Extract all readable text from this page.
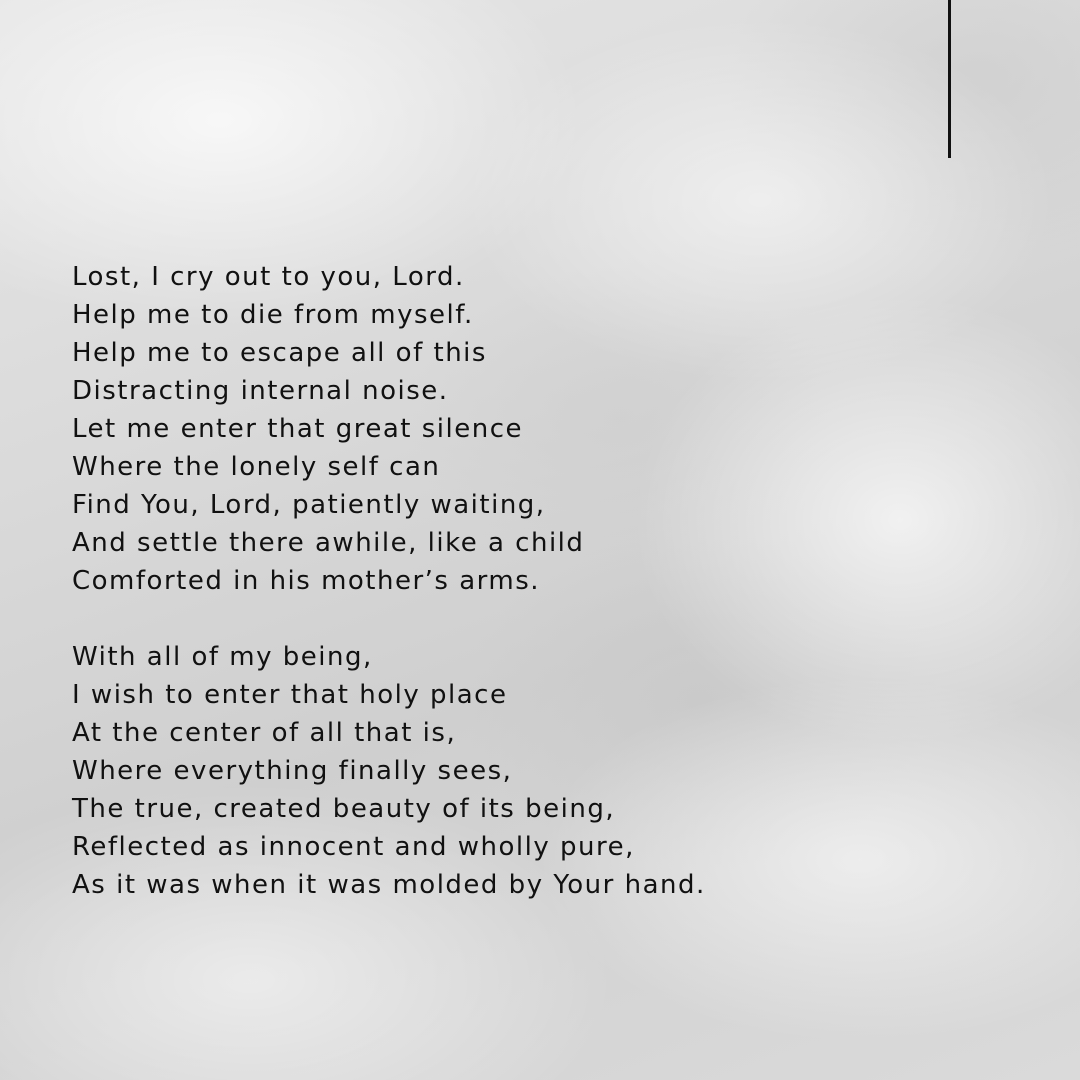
Lost, I cry out to you, Lord.
Help me to die from myself.
Help me to escape all of this
Distracting internal noise.
Let me enter that great silence
Where the lonely self can
Find You, Lord, patiently waiting,
And settle there awhile, like a child
Comforted in his mother’s arms.
With all of my being,
I wish to enter that holy place
At the center of all that is,
Where everything finally sees,
The true, created beauty of its being,
Reflected as innocent and wholly pure,
As it was when it was molded by Your hand.
